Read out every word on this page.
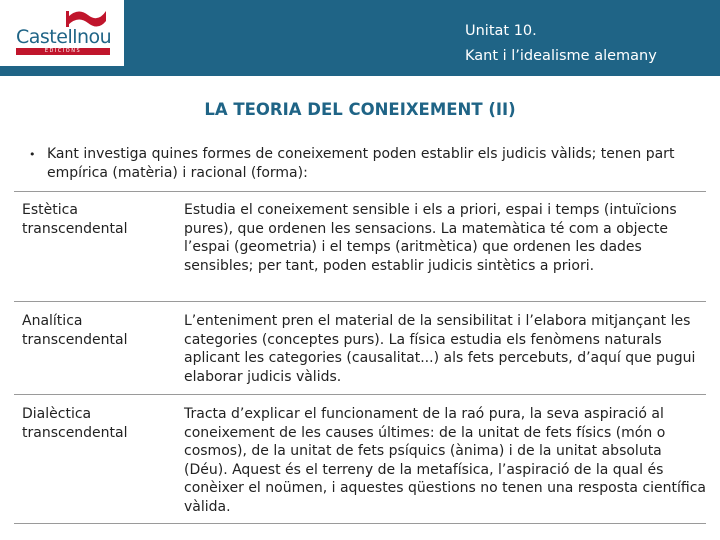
Castellnou
EDICIONS
Unitat 10.
Kant i l’idealisme alemany
LA TEORIA DEL CONEIXEMENT (II)
• Kant investiga quines formes de coneixement poden establir els judicis vàlids; tenen part empírica (matèria) i racional (forma):
Estètica transcendental	Estudia el coneixement sensible i els a priori, espai i temps (intuïcions pures), que ordenen les sensacions. La matemàtica té com a objecte l’espai (geometria) i el temps (aritmètica) que ordenen les dades sensibles; per tant, poden establir judicis sintètics a priori.
Analítica transcendental	L’enteniment pren el material de la sensibilitat i l’elabora mitjançant les categories (conceptes purs). La física estudia els fenòmens naturals aplicant les categories (causalitat...) als fets percebuts, d’aquí que pugui elaborar judicis vàlids.
Dialèctica transcendental	Tracta d’explicar el funcionament de la raó pura, la seva aspiració al coneixement de les causes últimes: de la unitat de fets físics (món o cosmos), de la unitat de fets psíquics (ànima) i de la unitat absoluta (Déu). Aquest és el terreny de la metafísica, l’aspiració de la qual és conèixer el noümen, i aquestes qüestions no tenen una resposta científica vàlida.
